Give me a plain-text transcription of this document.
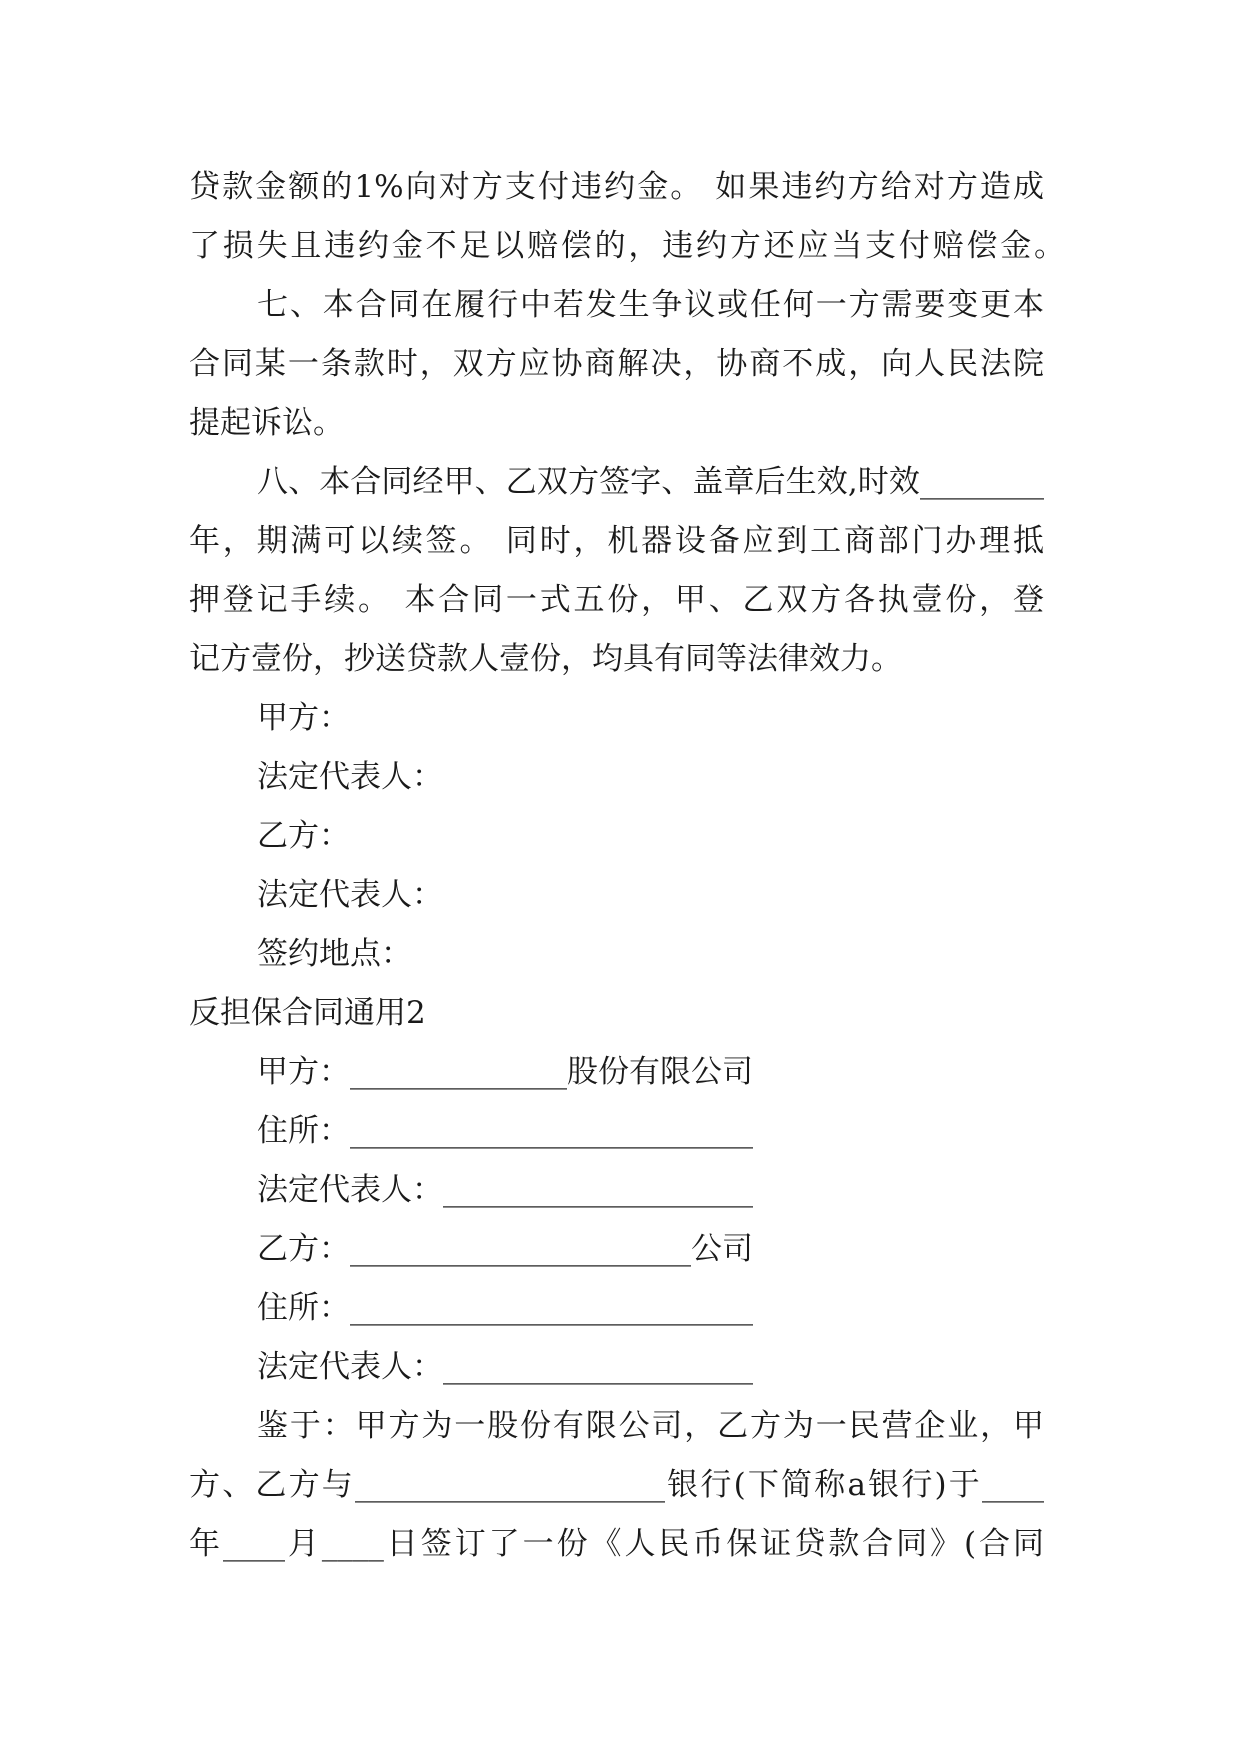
贷款金额的1%向对方支付违约金。 如果违约方给对方造成
了损失且违约金不足以赔偿的，违约方还应当支付赔偿金。
七、本合同在履行中若发生争议或任何一方需要变更本
合同某一条款时，双方应协商解决，协商不成，向人民法院
提起诉讼。
八、本合同经甲、乙双方签字、盖章后生效,时效________
年，期满可以续签。 同时，机器设备应到工商部门办理抵
押登记手续。 本合同一式五份，甲、乙双方各执壹份，登
记方壹份，抄送贷款人壹份，均具有同等法律效力。
甲方：
法定代表人：
乙方：
法定代表人：
签约地点：
反担保合同通用2
甲方：______________股份有限公司
住所：__________________________
法定代表人：____________________
乙方：______________________公司
住所：__________________________
法定代表人：____________________
鉴于：甲方为一股份有限公司，乙方为一民营企业，甲
方、乙方与____________________银行(下简称a银行)于____
年____月____日签订了一份《人民币保证贷款合同》(合同
